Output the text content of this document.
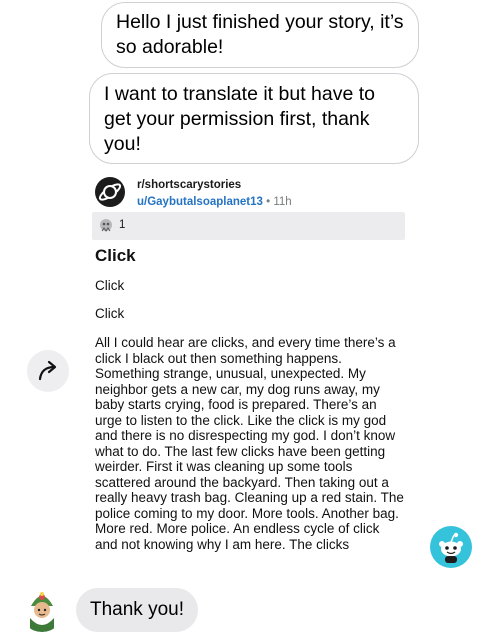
Hello I just finished your story, it’s so adorable!
I want to translate it but have to get your permission first, thank you!
r/shortscarystories
u/Gaybutalsoaplanet13 • 11h
1
Click
Click
Click
All I could hear are clicks, and every time there’s a click I black out then something happens. Something strange, unusual, unexpected. My neighbor gets a new car, my dog runs away, my baby starts crying, food is prepared. There’s an urge to listen to the click. Like the click is my god and there is no disrespecting my god. I don’t know what to do. The last few clicks have been getting weirder. First it was cleaning up some tools scattered around the backyard. Then taking out a really heavy trash bag. Cleaning up a red stain. The police coming to my door. More tools. Another bag. More red. More police. An endless cycle of click and not knowing why I am here. The clicks
Thank you!
